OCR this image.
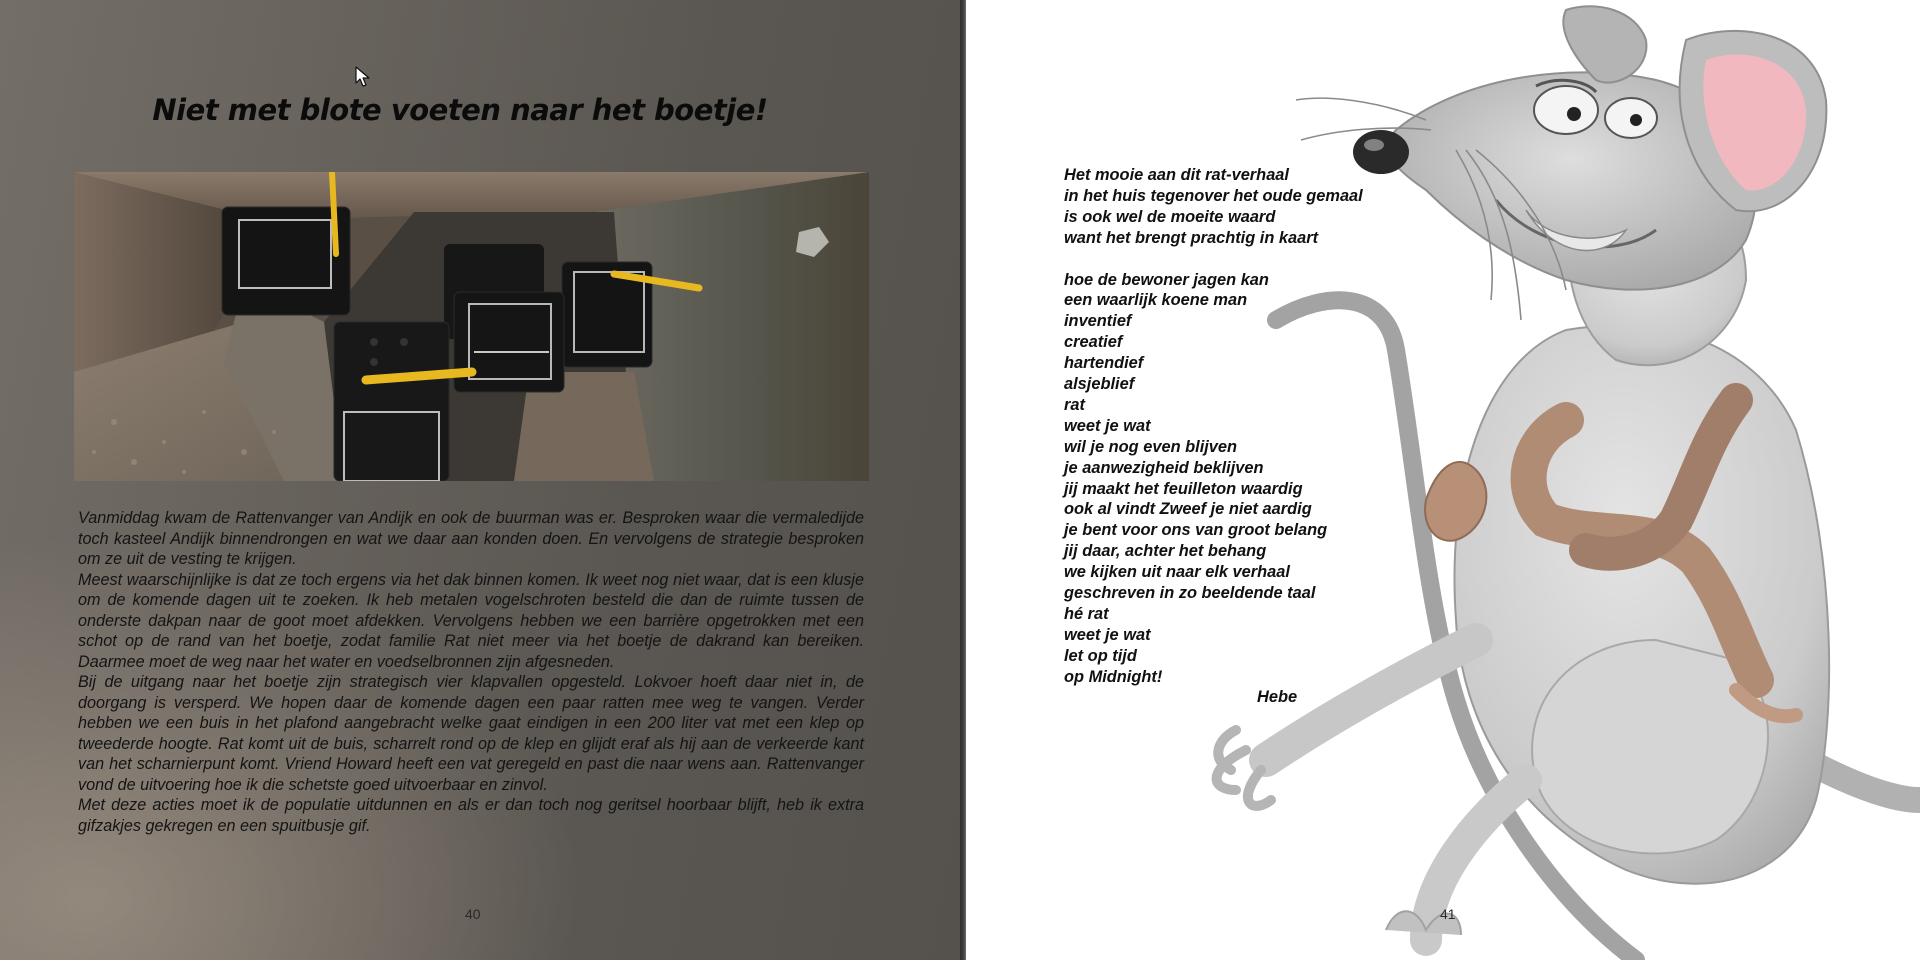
Niet met blote voeten naar het boetje!

Vanmiddag kwam de Rattenvanger van Andijk en ook de buurman was er. Besproken waar die vermaledijde toch kasteel Andijk binnendrongen en wat we daar aan konden doen. En vervolgens de strategie besproken om ze uit de vesting te krijgen.

Meest waarschijnlijke is dat ze toch ergens via het dak binnen komen. Ik weet nog niet waar, dat is een klusje om de komende dagen uit te zoeken. Ik heb metalen vogelschroten besteld die dan de ruimte tussen de onderste dakpan naar de goot moet afdekken. Vervolgens hebben we een barrière opgetrokken met een schot op de rand van het boetje, zodat familie Rat niet meer via het boetje de dakrand kan bereiken. Daarmee moet de weg naar het water en voedselbronnen zijn afgesneden.

Bij de uitgang naar het boetje zijn strategisch vier klapvallen opgesteld. Lokvoer hoeft daar niet in, de doorgang is versperd. We hopen daar de komende dagen een paar ratten mee weg te vangen. Verder hebben we een buis in het plafond aangebracht welke gaat eindigen in een 200 liter vat met een klep op tweederde hoogte. Rat komt uit de buis, scharrelt rond op de klep en glijdt eraf als hij aan de verkeerde kant van het scharnierpunt komt. Vriend Howard heeft een vat geregeld en past die naar wens aan. Rattenvanger vond de uitvoering hoe ik die schetste goed uitvoerbaar en zinvol.

Met deze acties moet ik de populatie uitdunnen en als er dan toch nog geritsel hoorbaar blijft, heb ik extra gifzakjes gekregen en een spuitbusje gif.

40
Het mooie aan dit rat-verhaal
in het huis tegenover het oude gemaal
is ook wel de moeite waard
want het brengt prachtig in kaart
hoe de bewoner jagen kan
een waarlijk koene man
inventief
creatief
hartendief
alsjeblief
rat
weet je wat
wil je nog even blijven
je aanwezigheid beklijven
jij maakt het feuilleton waardig
ook al vindt Zweef je niet aardig
je bent voor ons van groot belang
jij daar, achter het behang
we kijken uit naar elk verhaal
geschreven in zo beeldende taal
hé rat
weet je wat
let op tijd
op Midnight!
Hebe
41
